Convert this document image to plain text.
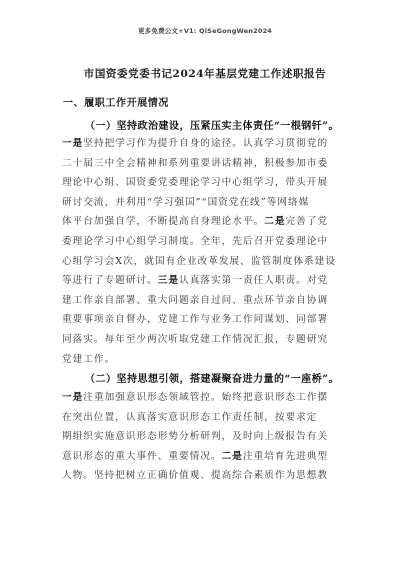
更多免费公文+V1: QiSeGongWen2024
市国资委党委书记2024年基层党建工作述职报告
一、履职工作开展情况
（一）坚持政治建设，压紧压实主体责任“一根钢钎”。
一是坚持把学习作为提升自身的途径。认真学习贯彻党的
二十届三中全会精神和系列重要讲话精神，积极参加市委
理论中心组、国资委党委理论学习中心组学习，带头开展
研讨交流，并利用“学习强国”“国资党在线”等网络媒
体平台加强自学，不断提高自身理论水平。二是完善了党
委理论学习中心组学习制度。全年，先后召开党委理论中
心组学习会X次，就国有企业改革发展、监管制度体系建设
等进行了专题研讨。三是认真落实第一责任人职责。对党
建工作亲自部署、重大问题亲自过问、重点环节亲自协调
重要事项亲自督办，党建工作与业务工作同谋划、同部署
同落实。每年至少两次听取党建工作情况汇报，专题研究
党建工作。
（二）坚持思想引领，搭建凝聚奋进力量的“一座桥”。
一是注重加强意识形态领域管控。始终把意识形态工作摆
在突出位置，认真落实意识形态工作责任制，按要求定
期组织实施意识形态形势分析研判，及时向上级报告有关
意识形态的重大事件、重要情况。二是注重培育先进典型
人物。坚持把树立正确价值观、提高综合素质作为思想教
